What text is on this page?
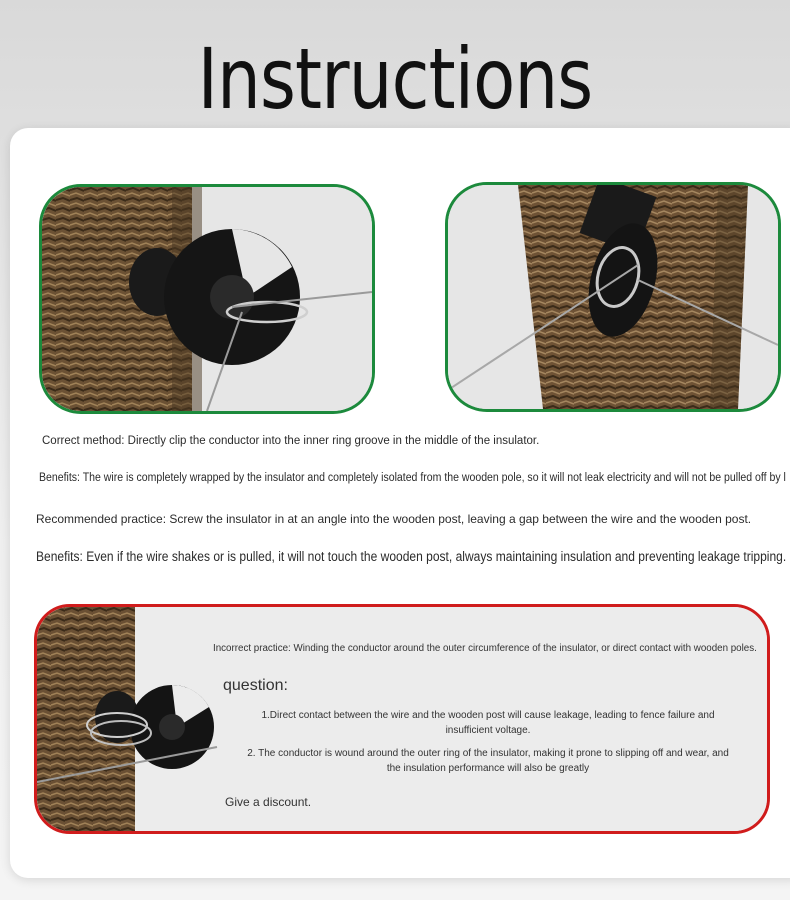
Instructions
Correct method: Directly clip the conductor into the inner ring groove in the middle of the insulator.
Benefits: The wire is completely wrapped by the insulator and completely isolated from the wooden pole, so it will not leak electricity and will not be pulled off by l
Recommended practice: Screw the insulator in at an angle into the wooden post, leaving a gap between the wire and the wooden post.
Benefits: Even if the wire shakes or is pulled, it will not touch the wooden post, always maintaining insulation and preventing leakage tripping.
Incorrect practice: Winding the conductor around the outer circumference of the insulator, or direct contact with wooden poles.
question:
1.Direct contact between the wire and the wooden post will cause leakage, leading to fence failure and insufficient voltage.
2. The conductor is wound around the outer ring of the insulator, making it prone to slipping off and wear, and the insulation performance will also be greatly
Give a discount.
